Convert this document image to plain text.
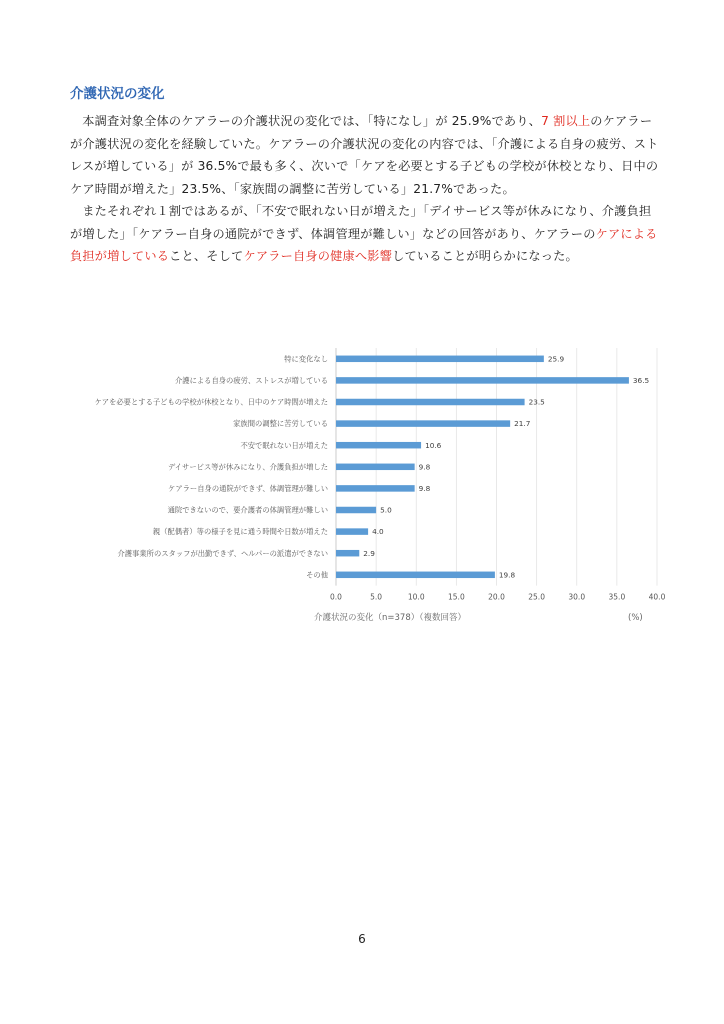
介護状況の変化

本調査対象全体のケアラーの介護状況の変化では、「特になし」が 25.9%であり、7 割以上のケアラーが介護状況の変化を経験していた。ケアラーの介護状況の変化の内容では、「介護による自身の疲労、ストレスが増している」が 36.5%で最も多く、次いで「ケアを必要とする子どもの学校が休校となり、日中のケア時間が増えた」23.5%、「家族間の調整に苦労している」21.7%であった。

またそれぞれ１割ではあるが、「不安で眠れない日が増えた」「デイサービス等が休みになり、介護負担が増した」「ケアラー自身の通院ができず、体調管理が難しい」などの回答があり、ケアラーのケアによる負担が増していること、そしてケアラー自身の健康へ影響していることが明らかになった。

0.0	5.0	10.0	15.0	20.0	25.0	30.0	35.0	40.0
特に変化なし	25.9
介護による自身の疲労、ストレスが増している	36.5
ケアを必要とする子どもの学校が休校となり、日中のケア時間が増えた	23.5
家族間の調整に苦労している	21.7
不安で眠れない日が増えた	10.6
デイサービス等が休みになり、介護負担が増した	9.8
ケアラー自身の通院ができず、体調管理が難しい	9.8
通院できないので、要介護者の体調管理が難しい	5.0
親（配偶者）等の様子を見に通う時間や日数が増えた	4.0
介護事業所のスタッフが出勤できず、ヘルパーの派遣ができない	2.9
その他	19.8
介護状況の変化（n=378）（複数回答）	(%)
6
